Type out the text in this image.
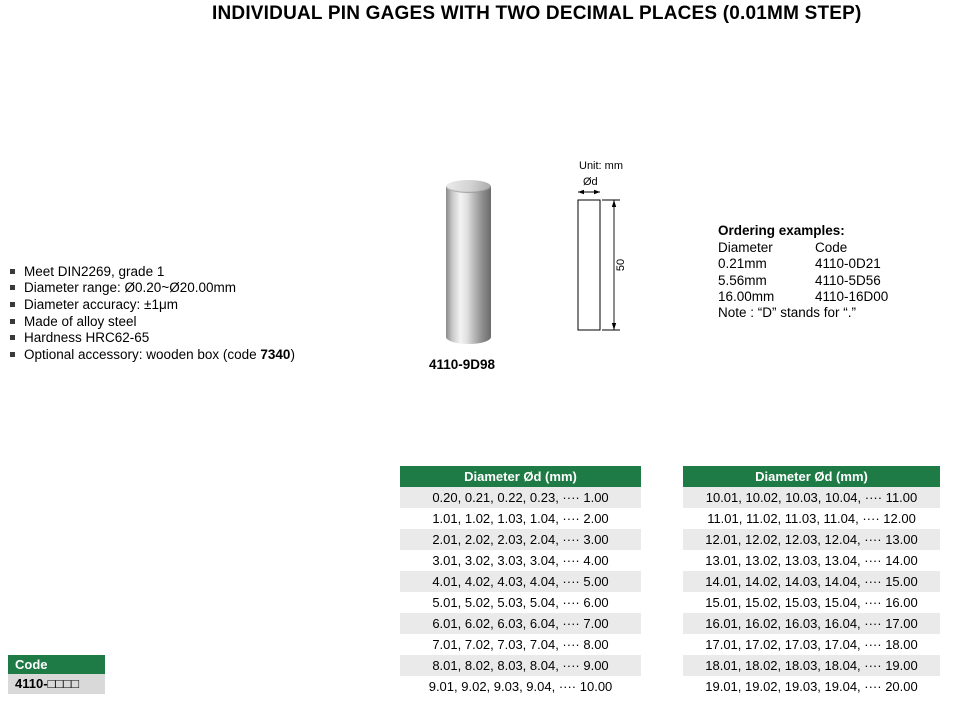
INDIVIDUAL PIN GAGES WITH TWO DECIMAL PLACES (0.01MM STEP)
Meet DIN2269, grade 1
Diameter range: Ø0.20~Ø20.00mm
Diameter accuracy: ±1μm
Made of alloy steel
Hardness HRC62-65
Optional accessory: wooden box (code 7340)
4110-9D98
Unit: mm
Ød
50
Ordering examples:
Diameter	Code
0.21mm	4110-0D21
5.56mm	4110-5D56
16.00mm	4110-16D00
Note : “D” stands for “.”
Diameter Ød (mm)
0.20, 0.21, 0.22, 0.23, ···· 1.00
1.01, 1.02, 1.03, 1.04, ···· 2.00
2.01, 2.02, 2.03, 2.04, ···· 3.00
3.01, 3.02, 3.03, 3.04, ···· 4.00
4.01, 4.02, 4.03, 4.04, ···· 5.00
5.01, 5.02, 5.03, 5.04, ···· 6.00
6.01, 6.02, 6.03, 6.04, ···· 7.00
7.01, 7.02, 7.03, 7.04, ···· 8.00
8.01, 8.02, 8.03, 8.04, ···· 9.00
9.01, 9.02, 9.03, 9.04, ···· 10.00
Diameter Ød (mm)
10.01, 10.02, 10.03, 10.04, ···· 11.00
11.01, 11.02, 11.03, 11.04, ···· 12.00
12.01, 12.02, 12.03, 12.04, ···· 13.00
13.01, 13.02, 13.03, 13.04, ···· 14.00
14.01, 14.02, 14.03, 14.04, ···· 15.00
15.01, 15.02, 15.03, 15.04, ···· 16.00
16.01, 16.02, 16.03, 16.04, ···· 17.00
17.01, 17.02, 17.03, 17.04, ···· 18.00
18.01, 18.02, 18.03, 18.04, ···· 19.00
19.01, 19.02, 19.03, 19.04, ···· 20.00
Code
4110-□□□□
